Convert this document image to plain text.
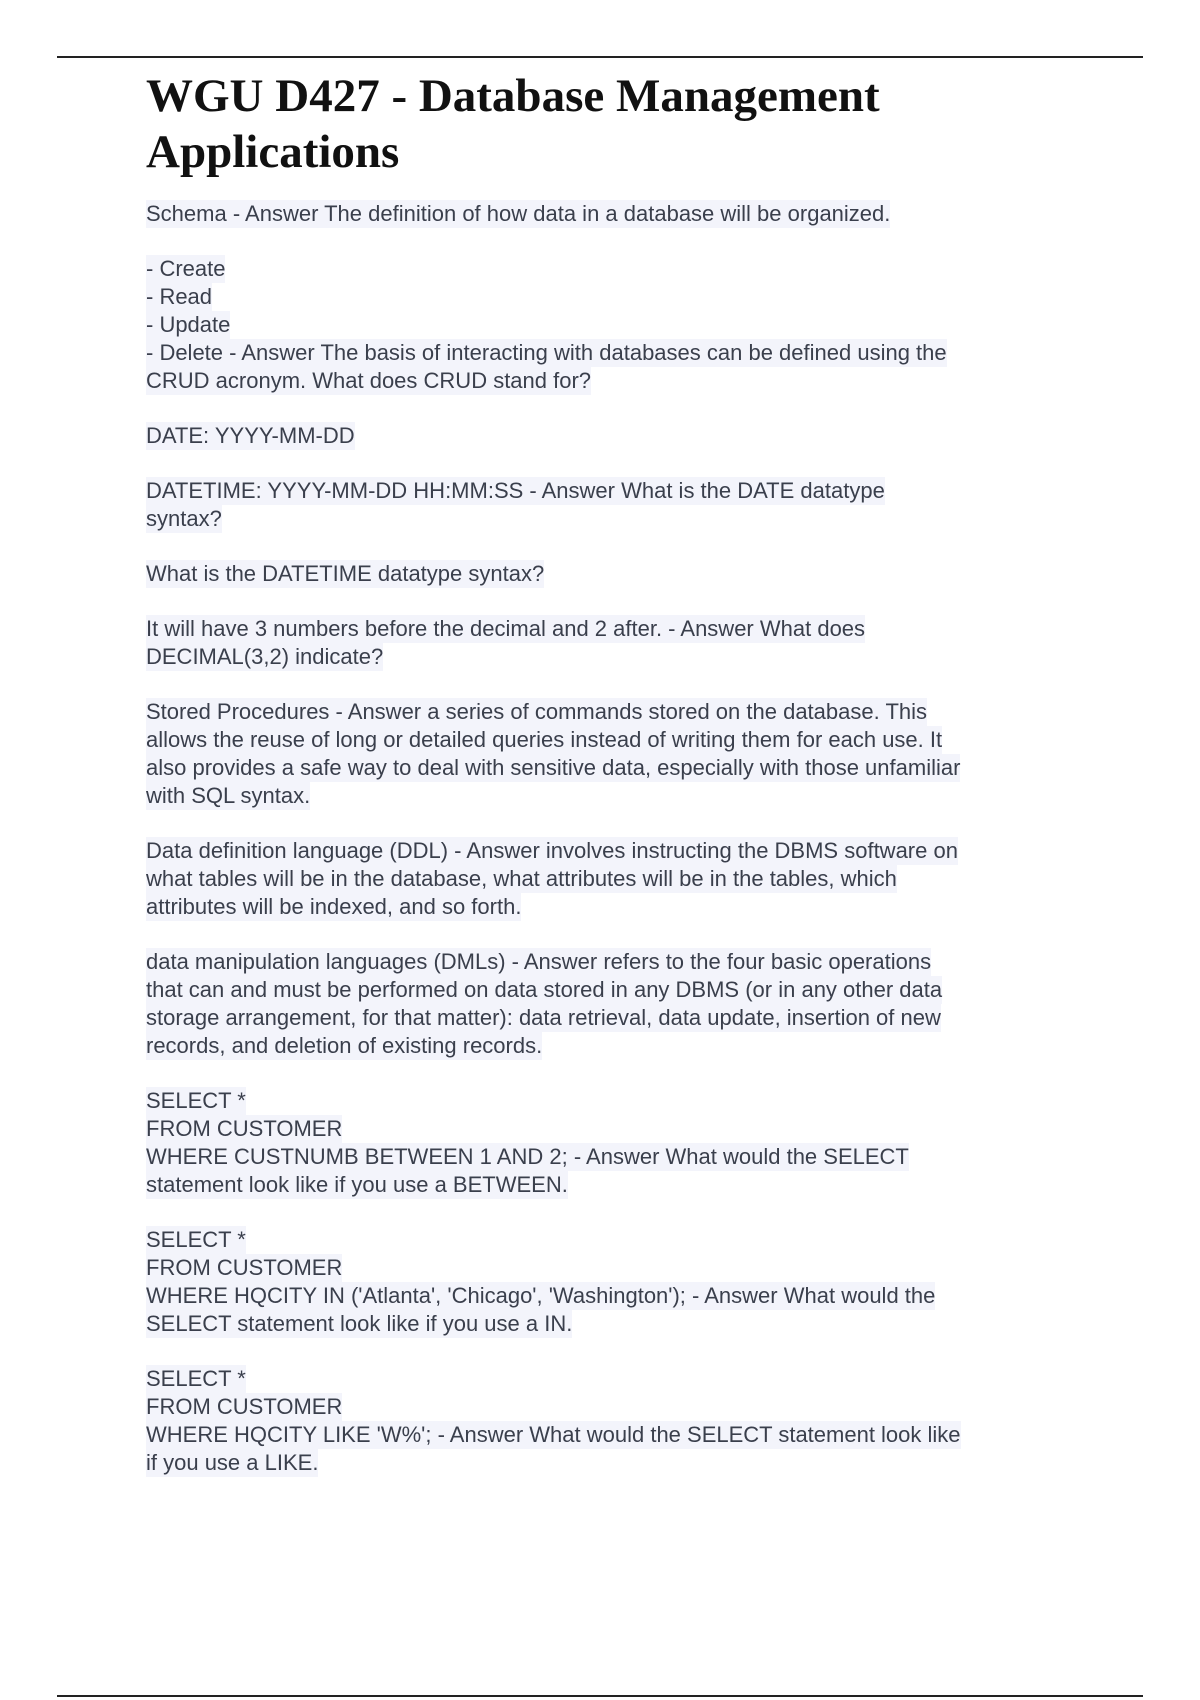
WGU D427 - Database Management
Applications
Schema - Answer The definition of how data in a database will be organized.
- Create
- Read
- Update
- Delete - Answer The basis of interacting with databases can be defined using the
CRUD acronym. What does CRUD stand for?
DATE: YYYY-MM-DD
DATETIME: YYYY-MM-DD HH:MM:SS - Answer What is the DATE datatype
syntax?
What is the DATETIME datatype syntax?
It will have 3 numbers before the decimal and 2 after. - Answer What does
DECIMAL(3,2) indicate?
Stored Procedures - Answer a series of commands stored on the database. This
allows the reuse of long or detailed queries instead of writing them for each use. It
also provides a safe way to deal with sensitive data, especially with those unfamiliar
with SQL syntax.
Data definition language (DDL) - Answer involves instructing the DBMS software on
what tables will be in the database, what attributes will be in the tables, which
attributes will be indexed, and so forth.
data manipulation languages (DMLs) - Answer refers to the four basic operations
that can and must be performed on data stored in any DBMS (or in any other data
storage arrangement, for that matter): data retrieval, data update, insertion of new
records, and deletion of existing records.
SELECT *
FROM CUSTOMER
WHERE CUSTNUMB BETWEEN 1 AND 2; - Answer What would the SELECT
statement look like if you use a BETWEEN.
SELECT *
FROM CUSTOMER
WHERE HQCITY IN ('Atlanta', 'Chicago', 'Washington'); - Answer What would the
SELECT statement look like if you use a IN.
SELECT *
FROM CUSTOMER
WHERE HQCITY LIKE 'W%'; - Answer What would the SELECT statement look like
if you use a LIKE.
